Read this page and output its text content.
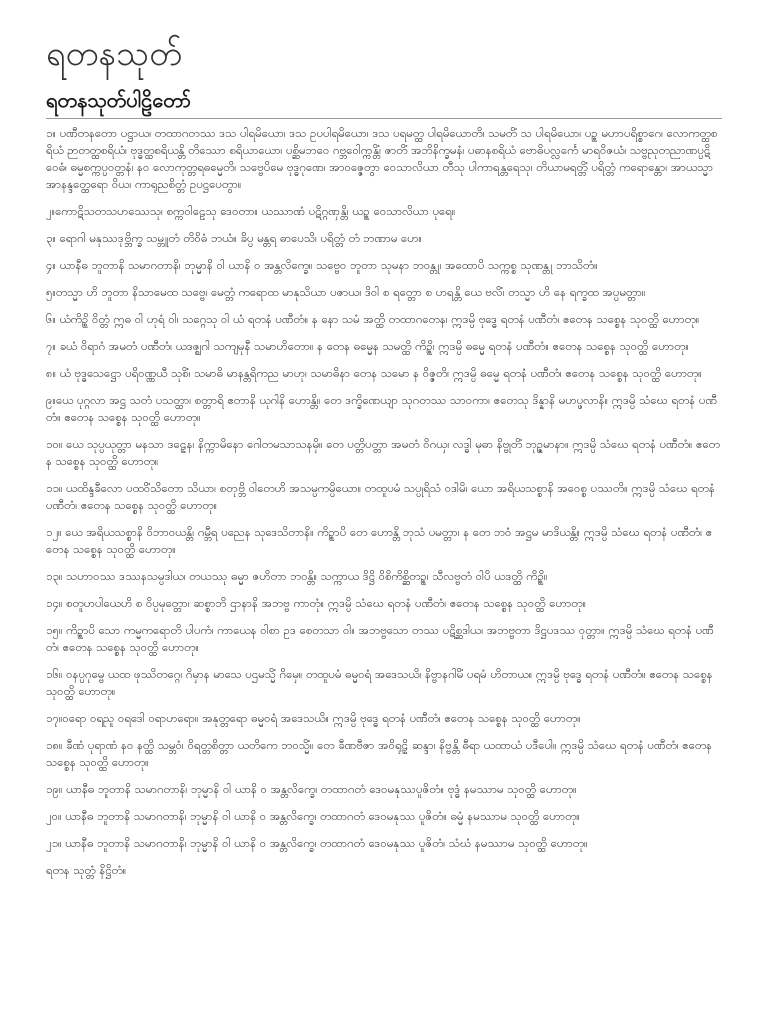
ရတနသုတ်
ရတနသုတ်ပါဠိတော်

၁။ ပဏီတနတော ပဋ္ဌာယ၊ တထာဂတဿ ဒသ ပါရမိယော၊ ဒသ ဥပပါရမိယော၊ ဒသ ပရမတ္ထ ပါရမိယောတိ၊ သမတိံ သ ပါရမိယော၊ ပဉ္စ မဟာပရိစ္စာဂေ၊ လောကတ္ထစရိယံ ဉာတတ္ထစရိယံ၊ ဗုဒ္ဓတ္ထစရိယန္တိ တိဿော စရိယာယော၊ ပစ္ဆိမဘဝေ ဂဗ္ဘဝေါက္ကန္တိံ၊ ဇာတိံ အဘိနိက္ခမနံ၊ ပဓာနစရိယံ ဗောဓိပလ္လင်္ကေ မာရဝိဇယံ၊ သဗ္ဗညုတညာဏပ္ပဋိဝေဓံ၊ ဓမ္မစက္ကပ္ပဝတ္တနံ၊ နဝ လောကုတ္တရဓမ္မေတိ၊ သဗ္ဗေပိမေ ဗုဒ္ဓဂုဏေ၊ အာဝဇ္ဇေတွာ ဝေသာလိယာ တီသု ပါကာရန္တရေသု၊ တိယာမရတ္တိံ ပရိတ္တံ ကရောန္တော၊ အာယသ္မာ အာနန္ဒတ္ထေရော ဝိယ၊ ကာရုညစိတ္တံ ဥပဋ္ဌပေတွာ။

၂။ကောဋိသတသဟဿေသု၊ စက္ကဝါဠေသု ဒေဝတာ။ ယဿာဏံ ပဋိဂ္ဂဏှန္တိ၊ ယဉ္စ ဝေသာလိယာ ပုရေ။

၃။ ရောဂါ မနုဿဒုဗ္ဘိက္ခ သမ္ဘူတံ တိဝိဓံ ဘယံ။ ခိပ္ပ မန္တရ ဓာပေသိ၊ ပရိတ္တံ တံ ဘဏာမ ဟေ။

၄။ ယာနီဓ ဘူတာနိ သမာဂတာနိ၊ ဘုမ္မာနိ ဝါ ယာနိ ဝ အန္တလိက္ခေ။ သဗ္ဗေဝ ဘူတာ သုမနာ ဘဝန္တု၊ အထောပိ သက္ကစ္စ သုဏန္တု ဘာသိတံ။

၅။တသ္မာ ဟိ ဘူတာ နိသာမေထ သဗ္ဗေ၊ မေတ္တံ ကရောထ မာနုသိယာ ပဇာယ၊ ဒိဝါ စ ရတ္တော စ ဟရန္တိ ယေ ဗလိံ၊ တသ္မာ ဟိ နေ ရက္ခထ အပ္ပမတ္တာ။

၆။ ယံကိဉ္စိ ဝိတ္တံ ဣဓ ဝါ ဟုရံ ဝါ၊ သဂ္ဂေသု ဝါ ယံ ရတနံ ပဏီတံ။ န နော သမံ အတ္ထိ တထာဂတေန၊ ဣဒမ္ပိ ဗုဒ္ဓေ ရတနံ ပဏီတံ၊ ဧတေန သစ္စေန သုဝတ္ထိ ဟောတု။

၇။ ခယံ ဝိရာဂံ အမတံ ပဏီတံ၊ ယဒဇ္ဈဂါ သကျမုနီ သမာဟိတော။ န တေန ဓမ္မေန သမတ္ထိ ကိဉ္စိ၊ ဣဒမ္ပိ ဓမ္မေ ရတနံ ပဏီတံ။ ဧတေန သစ္စေန သုဝတ္ထိ ဟောတု။

၈။ ယံ ဗုဒ္ဓသေဋ္ဌော ပရိဝဏ္ဏယီ သုစိံ၊ သမာဓိ မာနန္တရိကည မာဟု၊ သမာဓိနာ တေန သမော န ဝိဇ္ဇတိ၊ ဣဒမ္ပိ ဓမ္မေ ရတနံ ပဏီတံ၊ ဧတေန သစ္စေန သုဝတ္ထိ ဟောတု။

၉။ယေ ပုဂ္ဂလာ အဋ္ဌ သတံ ပသတ္ထာ၊ စတ္တာရိ ဧတာနိ ယုဂါနိ ဟောန္တိ။ တေ ဒက္ခိဏေယျာ သုဂတဿ သာဝကာ၊ ဧတေသု ဒိန္နာနိ မဟပ္ဖလာနိ။ ဣဒမ္ပိ သံဃေ ရတနံ ပဏီတံ။ ဧတေန သစ္စေန သုဝတ္ထိ ဟောတု။

၁၀။ ယေ သုပ္ပယုတ္တာ မနသာ ဒဠှေန၊ နိက္ကာမိနော ဂေါတမသာသနမှိ။ တေ ပတ္တိပတ္တာ အမတံ ဝိဂယှ၊ လဒ္ဓါ မုဓာ နိဗ္ဗုတိံ ဘုဉ္ဇမာနာ။ ဣဒမ္ပိ သံဃေ ရတနံ ပဏီတံ။ ဧတေန သစ္စေန သုဝတ္ထိ ဟောတု။

၁၁။ ယထိန္ဒခီလော ပထဝိံသိတော သိယာ၊ စတုဗ္ဘိ ဝါတေဟိ အသမ္ပကမ္ပိယော။ တထူပမံ သပ္ပုရိသံ ဝဒါမိ၊ ယော အရိယသစ္စာနိ အဝေစ္စ ပဿတိ။ ဣဒမ္ပိ သံဃေ ရတနံ ပဏီတံ၊ ဧတေန သစ္စေန သုဝတ္ထိ ဟောတု။

၁၂။ ယေ အရိယသစ္စာနိ ဝိဘာဝယန္တိ၊ ဂမ္ဘီရ ပညေန သုဒေသိတာနိ။ ကိဉ္စာပိ တေ ဟောန္တိ ဘုသံ ပမတ္တာ၊ န တေ ဘဝံ အဋ္ဌမ မာဒိယန္တိ။ ဣဒမ္ပိ သံဃေ ရတနံ ပဏီတံ၊ ဧတေန သစ္စေန သုဝတ္ထိ ဟောတု။

၁၃။ သဟာဝဿ ဒဿနသမ္ပဒါယ၊ တယဿု ဓမ္မာ ဇဟိတာ ဘဝန္တိ။ သက္ကာယ ဒိဋ္ဌိ ဝိစိကိစ္ဆိတဉ္စ၊ သီလဗ္ဗတံ ဝါပိ ယဒတ္ထိ ကိဉ္စိ။

၁၄။ စတူဟပါယေဟိ စ ဝိပ္ပမုတ္တော၊ ဆစ္စာဘိ ဌာနာနိ အဘဗ္ဗ ကာတုံ။ ဣဒမ္ပိ သံဃေ ရတနံ ပဏီတံ၊ ဧတေန သစ္စေန သုဝတ္ထိ ဟောတု။

၁၅။ ကိဉ္စာပိ သော ကမ္မကရောတိ ပါပကံ၊ ကာယေန ဝါစာ ဥဒ စေတသာ ဝါ။ အဘဗ္ဗသော တဿ ပဋိစ္ဆဒါယ၊ အဘဗ္ဗတာ ဒိဋ္ဌပဒဿ ဝုတ္တာ။ ဣဒမ္ပိ သံဃေ ရတနံ ပဏီတံ၊ ဧတေန သစ္စေန သုဝတ္ထိ ဟောတု။

၁၆။ ဝနပ္ပဂုမ္ဗေ ယထ ဖုဿိတဂ္ဂေ၊ ဂိမှာန မာသေ ပဌမသ္မိံ ဂိမှေ။ တထူပမံ ဓမ္မဝရံ အဒေသယိ၊ နိဗ္ဗာနဂါမိံ ပရမံ ဟိတာယ။ ဣဒမ္ပိ ဗုဒ္ဓေ ရတနံ ပဏီတံ။ ဧတေန သစ္စေန သုဝတ္ထိ ဟောတု။

၁၇။ဝရော ဝရညူ ဝရဒေါ ဝရာဟရော။ အနုတ္တရော ဓမ္မဝရံ အဒေသယိ။ ဣဒမ္ပိ ဗုဒ္ဓေ ရတနံ ပဏီတံ၊ ဧတေန သစ္စေန သုဝတ္ထိ ဟောတု။

၁၈။ ခီဏံ ပုရာဏံ နဝ နတ္ထိ သမ္ဘဝံ၊ ဝိရတ္တစိတ္တာ ယတိကေ ဘဝသ္မိံ။ တေ ခီဏဗီဇာ အဝိရုဠှိ ဆန္ဒာ၊ နိဗ္ဗန္တိ ဓီရာ ယထာယံ ပဒီပေါ။ ဣဒမ္ပိ သံဃေ ရတနံ ပဏီတံ၊ ဧတေန သစ္စေန သုဝတ္ထိ ဟောတု။

၁၉။ ယာနီဓ ဘူတာနိ သမာဂတာနိ၊ ဘုမ္မာနိ ဝါ ယာနိ ဝ အန္တလိက္ခေ၊ တထာဂတံ ဒေဝမနုဿပူဇိတံ။ ဗုဒ္ဓံ နမဿာမ သုဝတ္ထိ ဟောတု။

၂၀။ ယာနီဓ ဘူတာနိ သမာဂတာနိ၊ ဘုမ္မာနိ ဝါ ယာနိ ဝ အန္တလိက္ခေ၊ တထာဂတံ ဒေဝမနုဿ ပူဇိတံ။ ဓမ္မံ နမဿာမ သုဝတ္ထိ ဟောတု။

၂၁။ ယာနီဓ ဘူတာနိ သမာဂတာနိ၊ ဘုမ္မာနိ ဝါ ယာနိ ဝ အန္တလိက္ခေ၊ တထာဂတံ ဒေဝမနုဿ ပူဇိတံ၊ သံဃံ နမဿာမ သုဝတ္ထိ ဟောတု။

ရတန သုတ္တံ နိဋ္ဌိတံ။
